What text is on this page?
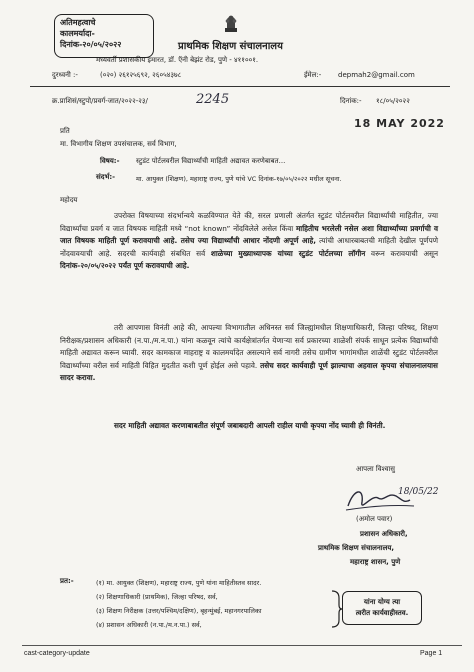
अतिमहत्वाचे
कालमर्यादा-
दिनांक-२०/०५/२०२२	प्राथमिक शिक्षण संचालनालय
मध्यवर्ती प्रशासकीय इमारत, डॉ. ऍनी बेझंट रोड, पुणे - ४११००१.
दुरध्वनी :-	(०२०) २६१२५६९२, २६०५४३७८	ईमेल:- depmah2@gmail.com
क्र.प्राशिसं/स्टुपो/प्रवर्ग-जात/२०२२-२३/	2245	दिनांक:- १८/०५/२०२२
18 MAY 2022
प्रति
मा. विभागीय शिक्षण उपसंचालक, सर्व विभाग,
विषय:- स्टुडंट पोर्टलवरील विद्यार्थ्यांची माहिती अद्यावत करणेबाबत...
संदर्भ:-	मा. आयुक्त (शिक्षण), महाराष्ट्र राज्य, पुणे यांचे VC दिनांक-१७/०५/२०२२ मधील सूचना.
महोदय
उपरोक्त विषयाच्या संदर्भान्वये कळविण्यात येते की, सरल प्रणाली अंतर्गत स्टुडंट पोर्टलवरील विद्यार्थ्यांची माहितीत, ज्या विद्यार्थ्यांचा प्रवर्ग व जात विषयक माहिती मध्ये “not known” नोंदविलेले असेल किंवा माहितीच भरलेली नसेल अशा विद्यार्थ्यांच्या प्रवर्गाची व जात विषयक माहिती पूर्ण करावयाची आहे. तसेच ज्या विद्यार्थ्यांची आधार नोंदणी अपूर्ण आहे, त्यांची आधारबाबतची माहिती देखील पूर्णपणे नोंदवावयाची आहे. सदरची कार्यवाही संबधित सर्व शाळेच्या मुख्याध्यापक यांच्या स्टुडंट पोर्टलच्या लॉगीन वरून करावयाची असून दिनांक-२०/०५/२०२२ पर्यंत पूर्ण करावयाची आहे.
तरी आपणास विनंती आहे की, आपल्या विभागातील अधिनस्त सर्व जिल्ह्यांमधील शिक्षणाधिकारी, जिल्हा परिषद, शिक्षण निरीक्षक/प्रशासन अधिकारी (न.पा./म.न.पा.) यांना कळवून त्यांचे कार्यक्षेत्रांतर्गत येणाऱ्या सर्व प्रकारच्या शाळेशी संपर्क साधून प्रत्येक विद्यार्थ्यांची माहिती अद्यावत करून घ्यावी. सदर कामकाज माहराष्ट्र व कालमर्यादेत असल्याने सर्व नागरी तसेच ग्रामीण भागांमधील शाळेंची स्टुडंट पोर्टलवरील विद्यार्थ्यांच्या वरील सर्व माहिती विहित मुदतीत कशी पूर्ण होईल असे पहावे. तसेच सदर कार्यवाही पूर्ण झाल्याचा अहवाल कृपया संचालनालयास सादर करावा.
सदर माहिती अद्यावत करणाबाबतीत संपूर्ण जबाबदारी आपली राहील याची कृपया नोंद घ्यावी ही विनंती.
आपला विश्वासु
18/05/22
(अमोल पवार)
प्रशासन अधिकारी,
प्राथमिक शिक्षण संचालनालय,
महाराष्ट्र शासन, पुणे
प्रत:-	(१) मा. आयुक्त (शिक्षण), महाराष्ट्र राज्य, पुणे यांना माहितीस्तव सादर.
(२) शिक्षणाधिकारी (प्राथमिक), जिल्हा परिषद, सर्व,
(३) शिक्षण निरीक्षक (उत्तर/पश्चिम/दक्षिण), बृहन्मुंबई, महानगरपालिका
(४) प्रशासन अधिकारी (न.पा./म.न.पा.) सर्व,
यांना योग्य त्या
त्वरीत कार्यवाहीस्तव.
cast-category-update	Page 1
